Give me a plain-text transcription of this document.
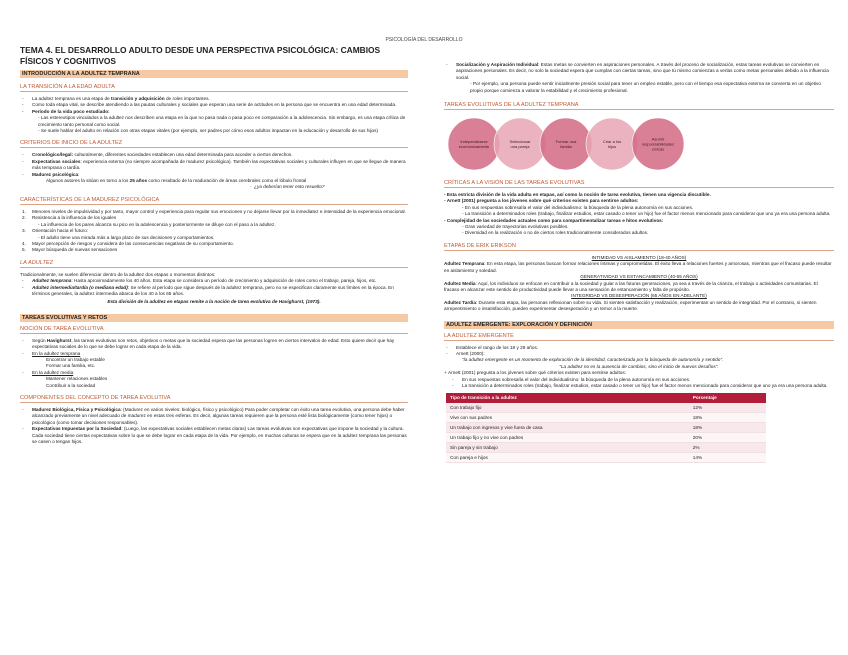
PSICOLOGÍA DEL DESARROLLO
TEMA 4. EL DESARROLLO ADULTO DESDE UNA PERSPECTIVA PSICOLÓGICA: CAMBIOS FÍSICOS Y COGNITIVOS
INTRODUCCIÓN A LA ADULTEZ TEMPRANA
LA TRANSICIÓN A LA EDAD ADULTA
- La adultez temprana es una etapa de transición y adquisición de roles importantes.
- Como toda etapa vital, se describe atendiendo a las pautas culturales y sociales que esperan una serie de actitudes en la persona que se encuentra en una edad determinada.
- Período de la vida poco estudiado:
- Las estereotipos vinculados a la adultez nos describen una etapa en la que no pasa nada o pasa poco en comparación a la adolescencia. Sin embargo, es una etapa crítica de crecimiento tanto personal como social.
- Se suele hablar del adulto en relación con otras etapas vitales (por ejemplo, ser padres por cómo esos adultos impactan en la educación y desarrollo de sus hijos)
CRITERIOS DE INICIO DE LA ADULTEZ
- Cronológico/legal: culturalmente, diferentes sociedades establecen una edad determinada para acceder a ciertos derechos.
- Expectativas sociales: experiencia externa (no siempre acompañada de madurez psicológica). También las expectativas sociales y culturales influyen en que se llegue de manera más temprana o tardía.
- Madurez psicológica:
Algunos autores la sitúan en torno a los 25 años como resultado de la maduración de áreas cerebrales como el lóbulo frontal
-  ¿ya deberían tener esto resuelto?
CARACTERÍSTICAS DE LA MADUREZ PSICOLÓGICA
1. Menores niveles de impulsividad y por tanto, mayor control y experiencia para regular sus emociones y no dejarse llevar por la inmediatez e intensidad de la experiencia emocional.
2. Resistencia a la influencia de los iguales
- La influencia de los pares alcanza su pico en la adolescencia y posteriormente se diluye con el paso a la adultez.
3. Orientación hacia el futuro:
- El adulto tiene una mirada más a largo plazo de sus decisiones y comportamientos.
4. Mayor percepción de riesgos y considera de las consecuencias negativas de su comportamiento.
5. Mayor búsqueda de nuevas sensaciones
LA ADULTEZ
Tradicionalmente, se suelen diferenciar dentro de la adultez dos etapas o momentos distintos:
- Adultez temprana: Hasta aproximadamente los 40 años. Esta etapa se considera un período de crecimiento y adquisición de roles como el trabajo, pareja, hijos, etc.
- Adultez intermedia/tardía (o mediana edad): Se refiere al período que sigue después de la adultez temprana, pero no se especifican claramente sus límites en la época. En términos generales, la adultez intermedia abarca de los 40 a los 65 años.
Esta división de la adultez en etapas remite a la noción de tarea evolutiva de Havighurst, (1973).
TAREAS EVOLUTIVAS Y RETOS
NOCIÓN DE TAREA EVOLUTIVA
- Según Havighurst, las tareas evolutivas son retos, objetivos o metas que la sociedad espera que las personas logren en ciertos intervalos de edad. Esto quiere decir que hay expectativas sociales de lo que se debe lograr en cada etapa de la vida.
- En la adultez temprana
Encontrar un trabajo estable
Formar una familia, etc.
- En la adultez media
Mantener relaciones estables
Contribuir a la sociedad
COMPONENTES DEL CONCEPTO DE TAREA EVOLUTIVA
- Madurez Biológica, Física y Psicológica: (Madurez en varios niveles: biológico, físico y psicológico) Para poder completar con éxito una tarea evolutiva, una persona debe haber alcanzado previamente un nivel adecuado de madurez en estas tres esferas. Es decir, algunas tareas requieren que la persona esté lista biológicamente (como tener hijos) o psicológico (como tomar decisiones responsables).
- Expectativas Impuestas por la Sociedad: (Luego, las expectativas sociales establecen metas claras) Las tareas evolutivas son expectativas que impone la sociedad y la cultura. Cada sociedad tiene ciertas expectativas sobre lo que se debe lograr en cada etapa de la vida. Por ejemplo, en muchas culturas se espera que en la adultez temprana las personas se casen o tengan hijos.
- Socialización y Aspiración Individual: Estas metas se convierten en aspiraciones personales. A través del proceso de socialización, estas tareas evolutivas se convierten en aspiraciones personales. Es decir, no solo la sociedad espera que cumplas con ciertas tareas, sino que tú mismo comienzas a verlas como metas personales debido a la influencia social.
- Por ejemplo, una persona puede sentir inicialmente presión social para tener un empleo estable, pero con el tiempo esa expectativa externa se convierta en un objetivo propio porque comienza a valorar la estabilidad y el crecimiento profesional.
TAREAS EVOLUTIVAS DE LA ADULTEZ TEMPRANA
Independizarse económicamente
Seleccionar una pareja
Formar una familia
Criar a los hijos
Asumir responsabilidades cívicas
CRÍTICAS A LA VISIÓN DE LAS TAREAS EVOLUTIVAS
- Esta estricta división de la vida adulta en etapas, así como la noción de tarea evolutiva, tienen una vigencia discutible.
- Arnett (2001) pregunta a los jóvenes sobre qué criterios existen para sentirse adultos:
- En sus respuestas sobresalía el valor del individualismo: la búsqueda de la plena autonomía en sus acciones.
- La transición a determinados roles (trabajo, finalizar estudios, estar casado o tener un hijo) fue el factor menos mencionado para considerar que uno ya era una persona adulta.
- Complejidad de las sociedades actuales como para compartimentalizar tareas e hitos evolutivos:
- Gran variedad de trayectorias evolutivas posibles.
- Diversidad en la realización o no de ciertos roles tradicionalmente considerados adultos.
ETAPAS DE ERIK ERIKSON
INTIMIDAD VS AISLAMIENTO (18-40 AÑOS)
Adultez Temprana: En esta etapa, las personas buscan formar relaciones íntimas y comprometidas. El éxito lleva a relaciones fuertes y amorosas, mientras que el fracaso puede resultar en aislamiento y soledad.
GENERATIVIDAD VS ESTANCAMIENTO (40-65 AÑOS)
Adultez Media: Aquí, los individuos se enfocan en contribuir a la sociedad y guiar a las futuras generaciones, ya sea a través de la crianza, el trabajo o actividades comunitarias. El fracaso en alcanzar este sentido de productividad puede llevar a una sensación de estancamiento y falta de propósito.
INTEGRIDAD VS DESESPERACIÓN (65 AÑOS EN ADELANTE)
Adultez Tardía: Durante esta etapa, las personas reflexionan sobre su vida. Si sienten satisfacción y realización, experimentan un sentido de integridad. Por el contrario, si sienten arrepentimiento o insatisfacción, pueden experimentar desesperación y un temor a la muerte.
ADULTEZ EMERGENTE: EXPLORACIÓN Y DEFINICIÓN
LA ADULTEZ EMERGENTE
- Establece el rango de los 18 y 29 años.
- Arnett (2000):
"la adultez emergente es un momento de exploración de la identidad, caracterizada por la búsqueda de autonomía y sentido".
"La adultez no es la ausencia de cambios, sino el inicio de nuevos desafíos".
+ Arnett (2001) pregunta a los jóvenes sobre qué criterios existen para sentirse adultos:
- En sus respuestas sobresalía el valor del individualismo: la búsqueda de la plena autonomía en sus acciones.
- La transición a determinados roles (trabajo, finalizar estudios, estar casado o tener un hijo) fue el factor menos mencionado para considerar que uno ya era una persona adulta.
Tipo de transición a la adultez	Porcentaje
Con trabajo fijo	12%
Vive con sus padres	18%
Un trabajo con ingresos y vive fuera de casa	18%
Un trabajo fijo y no vive con padres	20%
Sin pareja y sin trabajo	2%
Con pareja e hijos	14%
